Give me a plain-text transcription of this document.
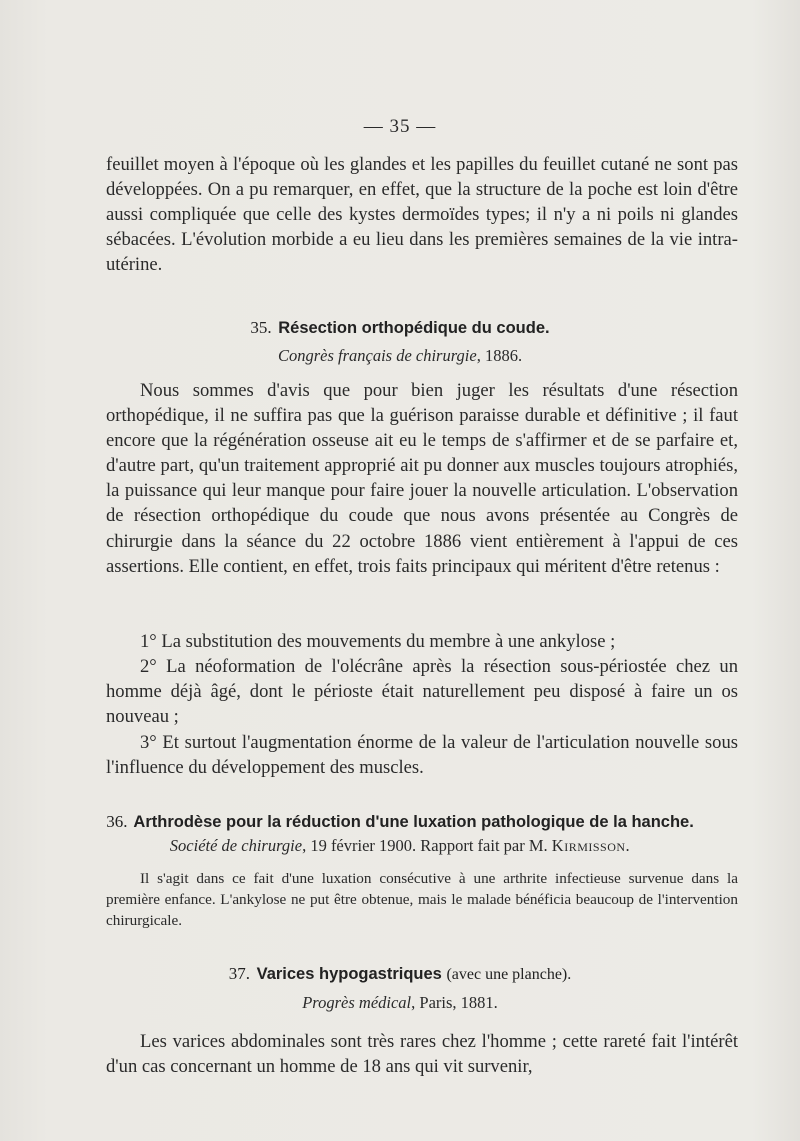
— 35 —

feuillet moyen à l'époque où les glandes et les papilles du feuillet cutané ne sont pas développées. On a pu remarquer, en effet, que la structure de la poche est loin d'être aussi compliquée que celle des kystes dermoïdes types; il n'y a ni poils ni glandes sébacées. L'évolution morbide a eu lieu dans les premières semaines de la vie intra-utérine.

35. Résection orthopédique du coude.
Congrès français de chirurgie, 1886.

Nous sommes d'avis que pour bien juger les résultats d'une résection orthopédique, il ne suffira pas que la guérison paraisse durable et définitive ; il faut encore que la régénération osseuse ait eu le temps de s'affirmer et de se parfaire et, d'autre part, qu'un traitement approprié ait pu donner aux muscles toujours atrophiés, la puissance qui leur manque pour faire jouer la nouvelle articulation. L'observation de résection orthopédique du coude que nous avons présentée au Congrès de chirurgie dans la séance du 22 octobre 1886 vient entièrement à l'appui de ces assertions. Elle contient, en effet, trois faits principaux qui méritent d'être retenus :

1° La substitution des mouvements du membre à une ankylose ;

2° La néoformation de l'olécrâne après la résection sous-périostée chez un homme déjà âgé, dont le périoste était naturellement peu disposé à faire un os nouveau ;

3° Et surtout l'augmentation énorme de la valeur de l'articulation nouvelle sous l'influence du développement des muscles.

36. Arthrodèse pour la réduction d'une luxation pathologique de la hanche.
Société de chirurgie, 19 février 1900. Rapport fait par M. Kirmisson.

Il s'agit dans ce fait d'une luxation consécutive à une arthrite infectieuse survenue dans la première enfance. L'ankylose ne put être obtenue, mais le malade bénéficia beaucoup de l'intervention chirurgicale.

37. Varices hypogastriques (avec une planche).
Progrès médical, Paris, 1881.

Les varices abdominales sont très rares chez l'homme ; cette rareté fait l'intérêt d'un cas concernant un homme de 18 ans qui vit survenir,
